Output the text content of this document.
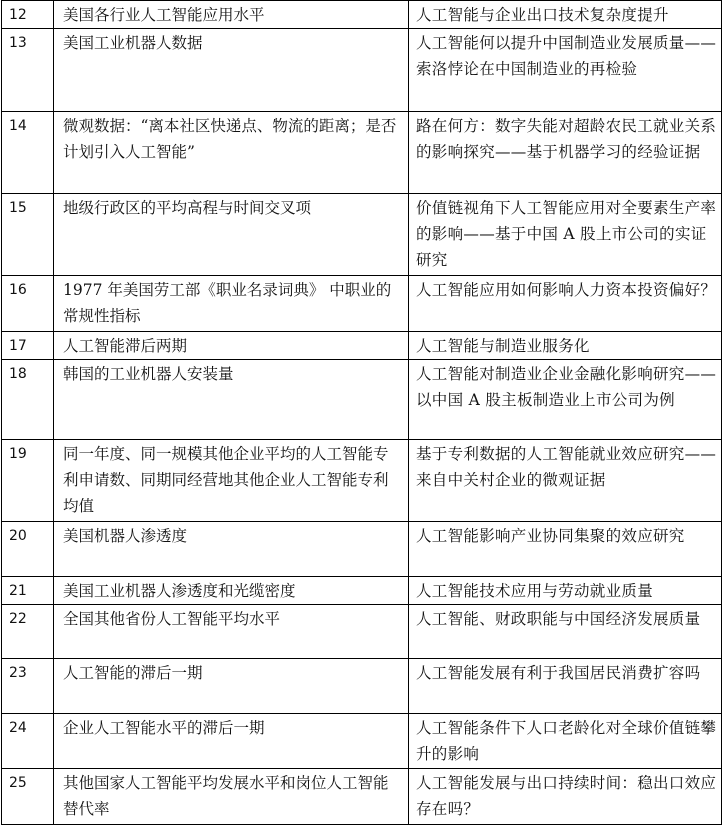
12	美国各行业人工智能应用水平	人工智能与企业出口技术复杂度提升
13	美国工业机器人数据	人工智能何以提升中国制造业发展质量——索洛悖论在中国制造业的再检验
14	微观数据：“离本社区快递点、物流的距离；是否计划引入人工智能”	路在何方：数字失能对超龄农民工就业关系的影响探究——基于机器学习的经验证据
15	地级行政区的平均高程与时间交叉项	价值链视角下人工智能应用对全要素生产率的影响——基于中国 A 股上市公司的实证研究
16	1977 年美国劳工部《职业名录词典》 中职业的常规性指标	人工智能应用如何影响人力资本投资偏好？
17	人工智能滞后两期	人工智能与制造业服务化
18	韩国的工业机器人安装量	人工智能对制造业企业金融化影响研究——以中国 A 股主板制造业上市公司为例
19	同一年度、同一规模其他企业平均的人工智能专利申请数、同期同经营地其他企业人工智能专利均值	基于专利数据的人工智能就业效应研究——来自中关村企业的微观证据
20	美国机器人渗透度	人工智能影响产业协同集聚的效应研究
21	美国工业机器人渗透度和光缆密度	人工智能技术应用与劳动就业质量
22	全国其他省份人工智能平均水平	人工智能、财政职能与中国经济发展质量
23	人工智能的滞后一期	人工智能发展有利于我国居民消费扩容吗
24	企业人工智能水平的滞后一期	人工智能条件下人口老龄化对全球价值链攀升的影响
25	其他国家人工智能平均发展水平和岗位人工智能替代率	人工智能发展与出口持续时间：稳出口效应存在吗？
